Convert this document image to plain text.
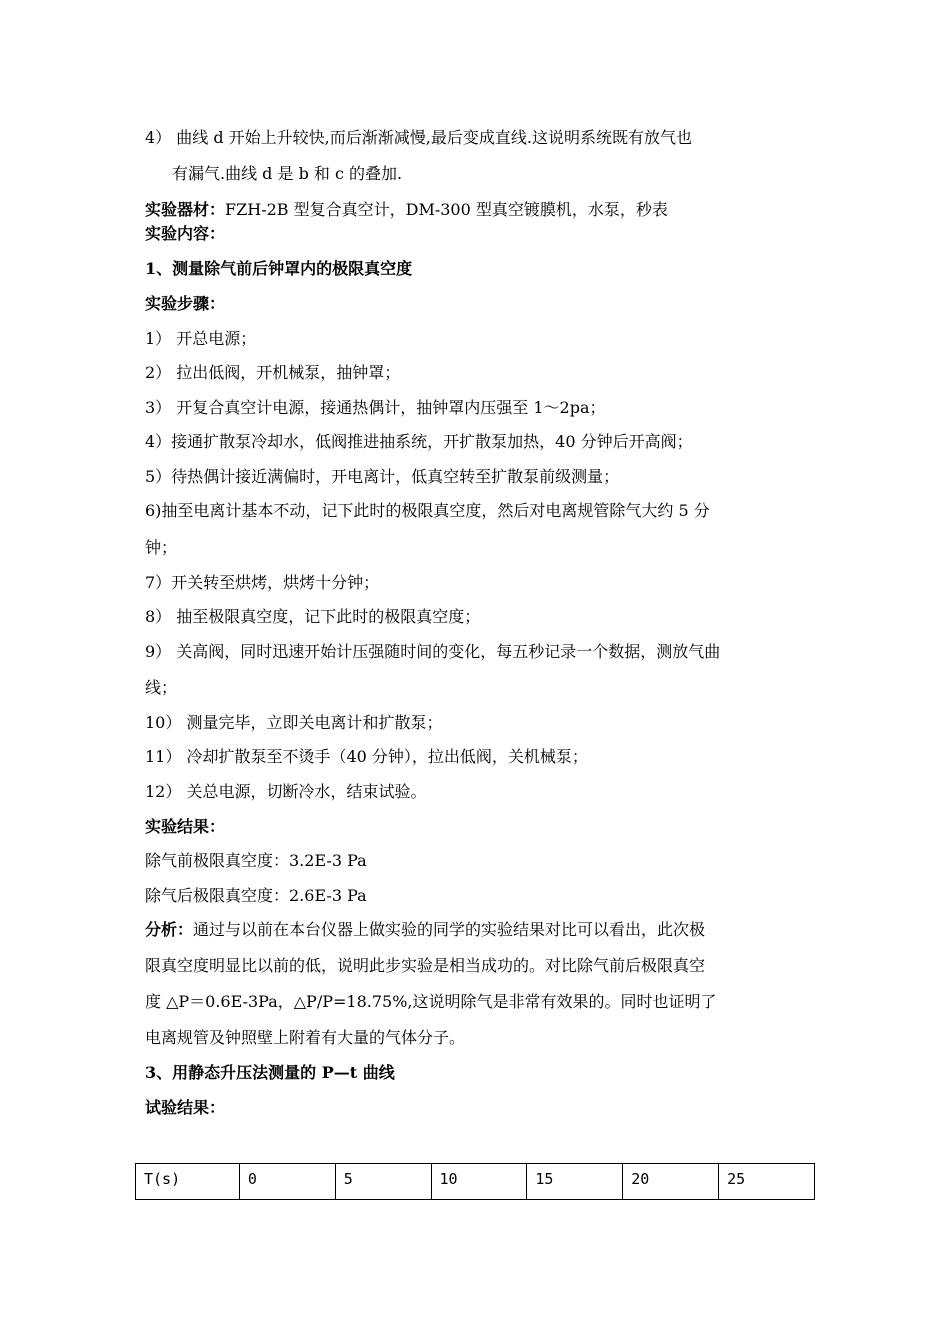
4） 曲线 d 开始上升较快,而后渐渐减慢,最后变成直线.这说明系统既有放气也
有漏气.曲线 d 是 b 和 c 的叠加.
实验器材：FZH-2B 型复合真空计，DM-300 型真空镀膜机，水泵，秒表
实验内容：
1、测量除气前后钟罩内的极限真空度
实验步骤：
1） 开总电源；
2） 拉出低阀，开机械泵，抽钟罩；
3） 开复合真空计电源，接通热偶计，抽钟罩内压强至 1～2pa；
4）接通扩散泵冷却水，低阀推进抽系统，开扩散泵加热，40 分钟后开高阀；
5）待热偶计接近满偏时，开电离计，低真空转至扩散泵前级测量；
6)抽至电离计基本不动，记下此时的极限真空度，然后对电离规管除气大约 5 分
钟；
7）开关转至烘烤，烘烤十分钟；
8） 抽至极限真空度，记下此时的极限真空度；
9） 关高阀，同时迅速开始计压强随时间的变化，每五秒记录一个数据，测放气曲
线；
10） 测量完毕，立即关电离计和扩散泵；
11） 冷却扩散泵至不烫手（40 分钟），拉出低阀，关机械泵；
12） 关总电源，切断冷水，结束试验。
实验结果：
除气前极限真空度：3.2E-3 Pa
除气后极限真空度：2.6E-3 Pa
分析：通过与以前在本台仪器上做实验的同学的实验结果对比可以看出，此次极
限真空度明显比以前的低，说明此步实验是相当成功的。对比除气前后极限真空
度 △P＝0.6E-3Pa，△P/P=18.75%,这说明除气是非常有效果的。同时也证明了
电离规管及钟照壁上附着有大量的气体分子。
3、用静态升压法测量的 P—t 曲线
试验结果：
T(s)	0	5	10	15	20	25
